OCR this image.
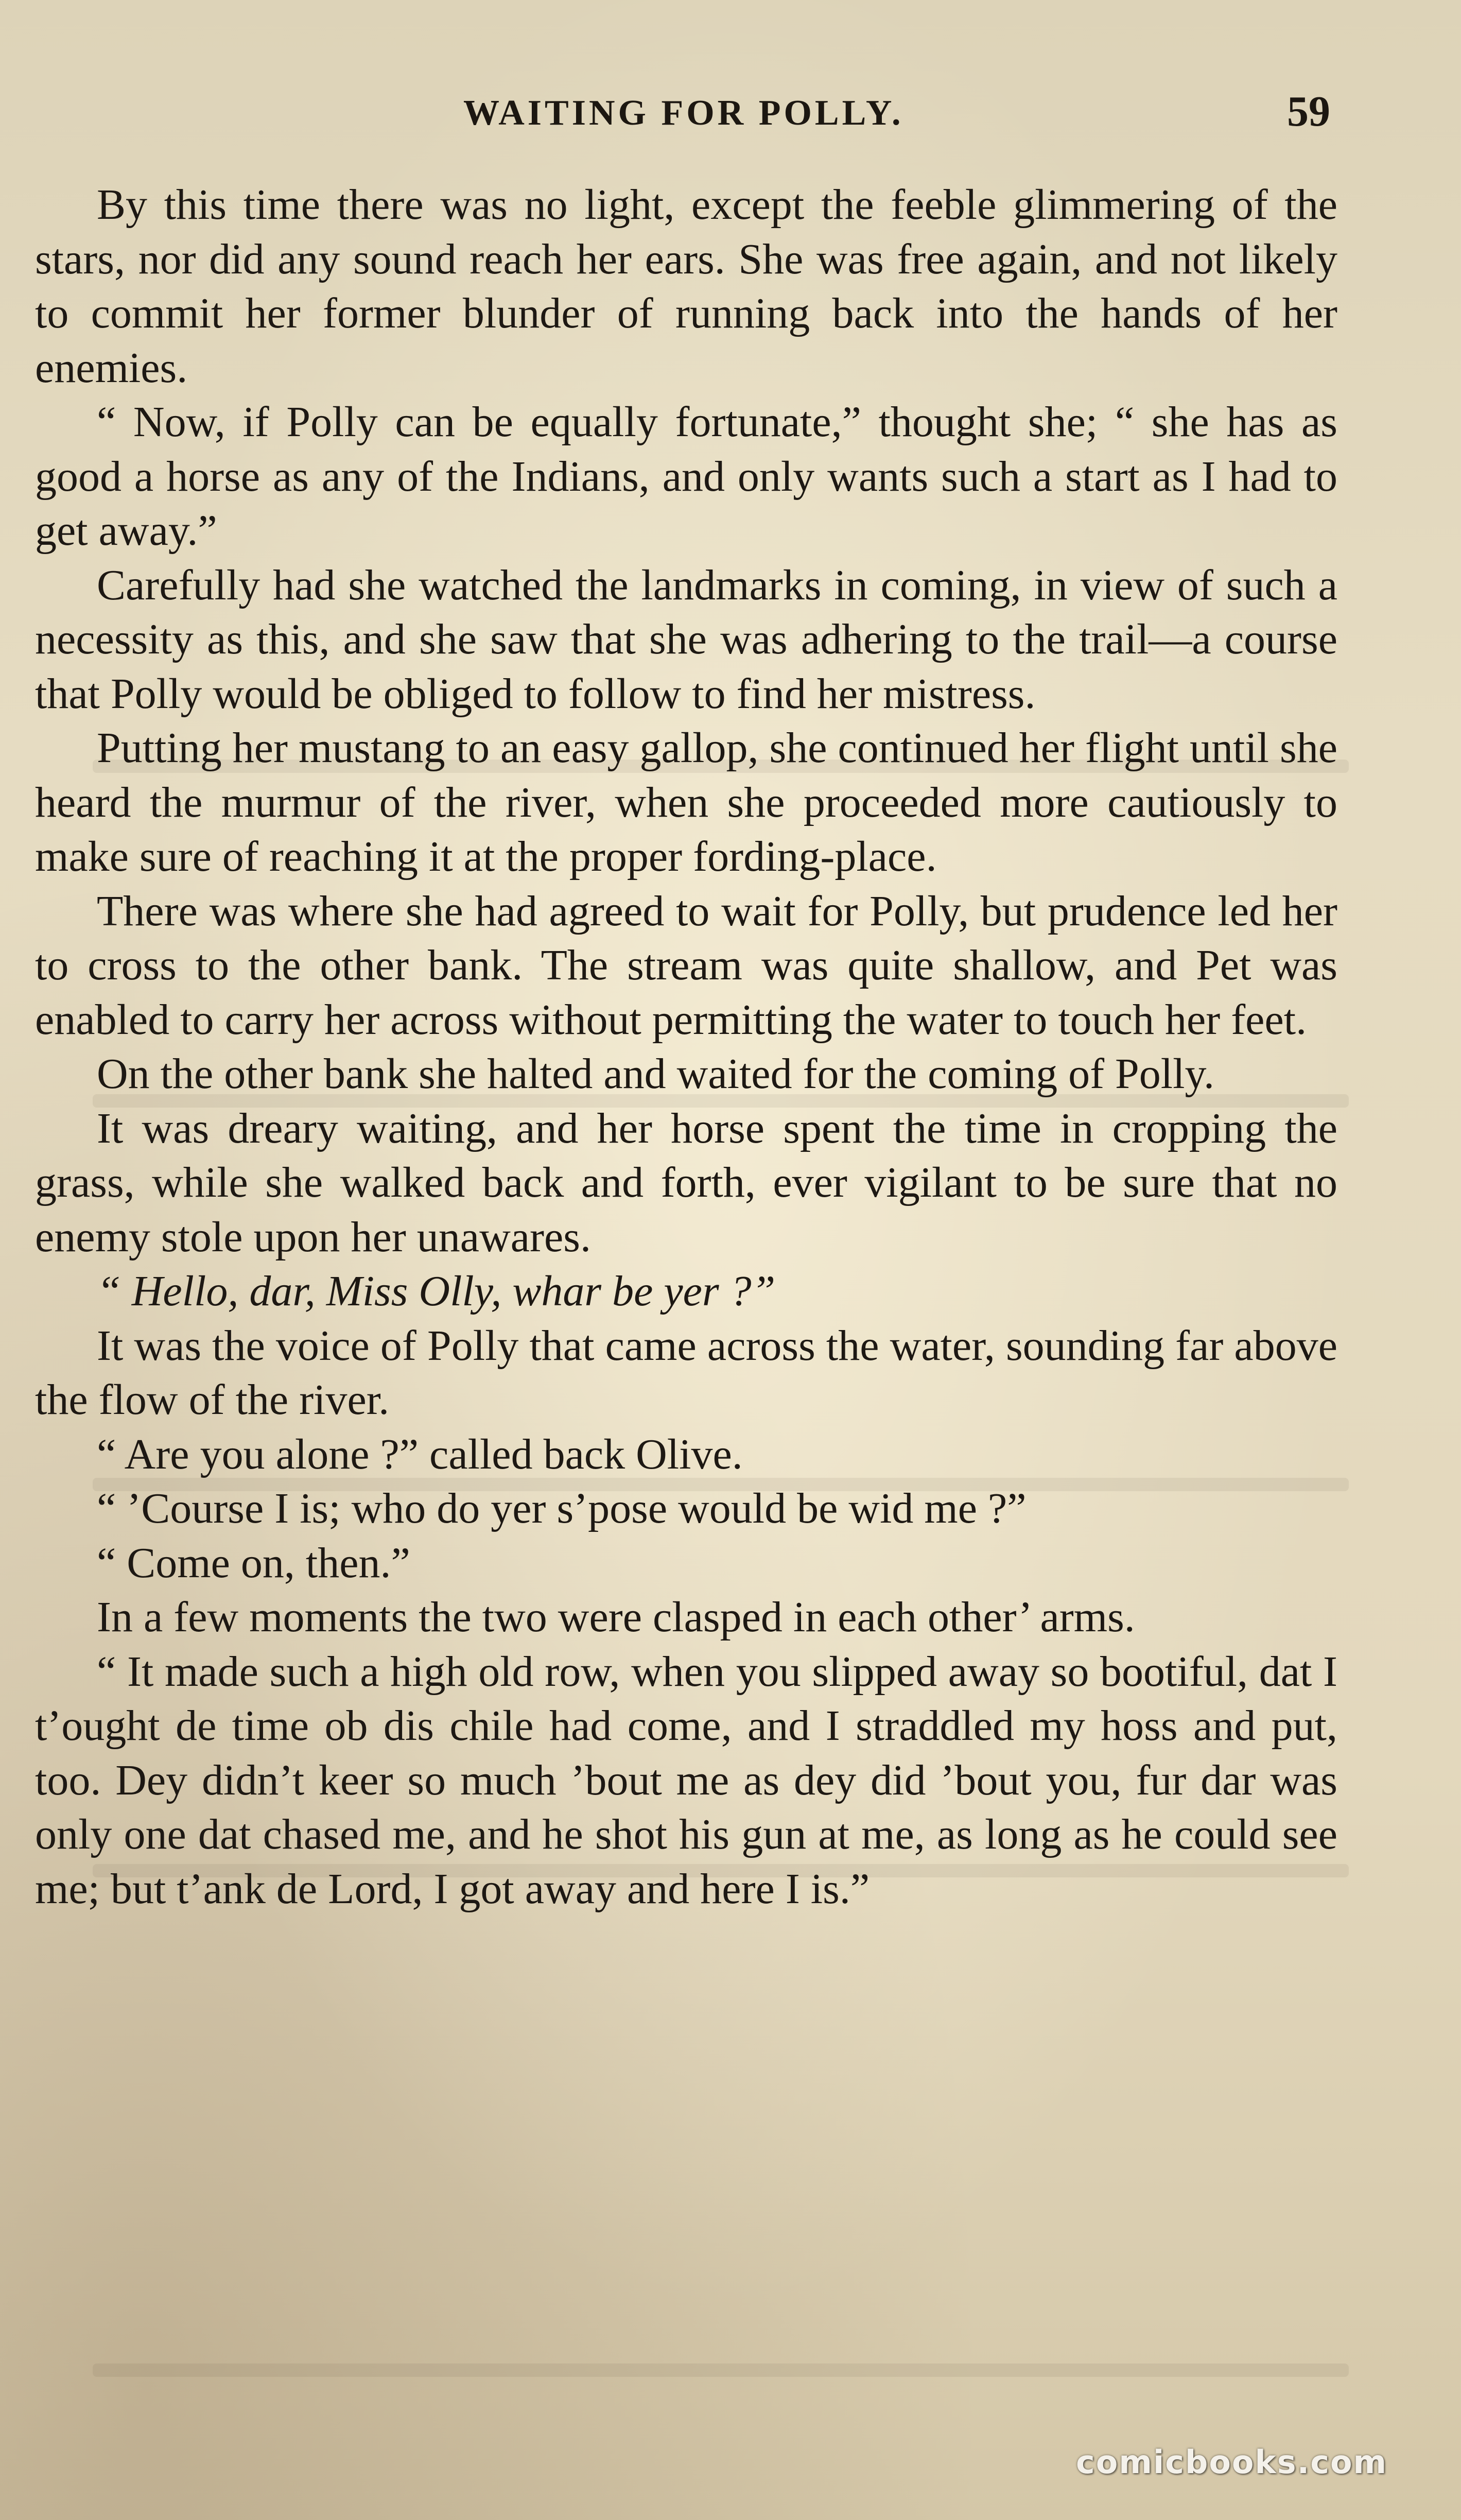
WAITING FOR POLLY.	59

By this time there was no light, except the feeble glimmering of the stars, nor did any sound reach her ears. She was free again, and not likely to commit her former blunder of running back into the hands of her enemies.

“ Now, if Polly can be equally fortunate,” thought she; “ she has as good a horse as any of the Indians, and only wants such a start as I had to get away.”

Carefully had she watched the landmarks in coming, in view of such a necessity as this, and she saw that she was adhering to the trail—a course that Polly would be obliged to follow to find her mistress.

Putting her mustang to an easy gallop, she continued her flight until she heard the murmur of the river, when she proceeded more cautiously to make sure of reaching it at the proper fording-place.

There was where she had agreed to wait for Polly, but prudence led her to cross to the other bank. The stream was quite shallow, and Pet was enabled to carry her across without permitting the water to touch her feet.

On the other bank she halted and waited for the coming of Polly.

It was dreary waiting, and her horse spent the time in cropping the grass, while she walked back and forth, ever vigilant to be sure that no enemy stole upon her unawares.

“ Hello, dar, Miss Olly, whar be yer ?”

It was the voice of Polly that came across the water, sounding far above the flow of the river.

“ Are you alone ?” called back Olive.

“ ’Course I is; who do yer s’pose would be wid me ?”

“ Come on, then.”

In a few moments the two were clasped in each other’ arms.

“ It made such a high old row, when you slipped away so bootiful, dat I t’ought de time ob dis chile had come, and I straddled my hoss and put, too. Dey didn’t keer so much ’bout me as dey did ’bout you, fur dar was only one dat chased me, and he shot his gun at me, as long as he could see me; but t’ank de Lord, I got away and here I is.”

comicbooks.com
